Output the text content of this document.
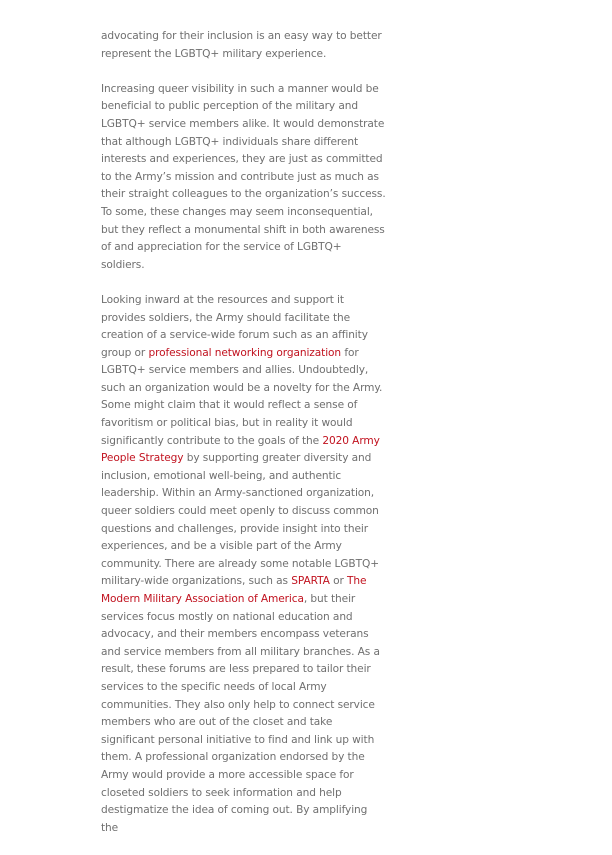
advocating for their inclusion is an easy way to better represent the LGBTQ+ military experience.

Increasing queer visibility in such a manner would be beneficial to public perception of the military and LGBTQ+ service members alike. It would demonstrate that although LGBTQ+ individuals share different interests and experiences, they are just as committed to the Army’s mission and contribute just as much as their straight colleagues to the organization’s success. To some, these changes may seem inconsequential, but they reflect a monumental shift in both awareness of and appreciation for the service of LGBTQ+ soldiers.

Looking inward at the resources and support it provides soldiers, the Army should facilitate the creation of a service-wide forum such as an affinity group or professional networking organization for LGBTQ+ service members and allies. Undoubtedly, such an organization would be a novelty for the Army. Some might claim that it would reflect a sense of favoritism or political bias, but in reality it would significantly contribute to the goals of the 2020 Army People Strategy by supporting greater diversity and inclusion, emotional well-being, and authentic leadership. Within an Army-sanctioned organization, queer soldiers could meet openly to discuss common questions and challenges, provide insight into their experiences, and be a visible part of the Army community. There are already some notable LGBTQ+ military-wide organizations, such as SPARTA or The Modern Military Association of America, but their services focus mostly on national education and advocacy, and their members encompass veterans and service members from all military branches. As a result, these forums are less prepared to tailor their services to the specific needs of local Army communities. They also only help to connect service members who are out of the closet and take significant personal initiative to find and link up with them. A professional organization endorsed by the Army would provide a more accessible space for closeted soldiers to seek information and help destigmatize the idea of coming out. By amplifying the
